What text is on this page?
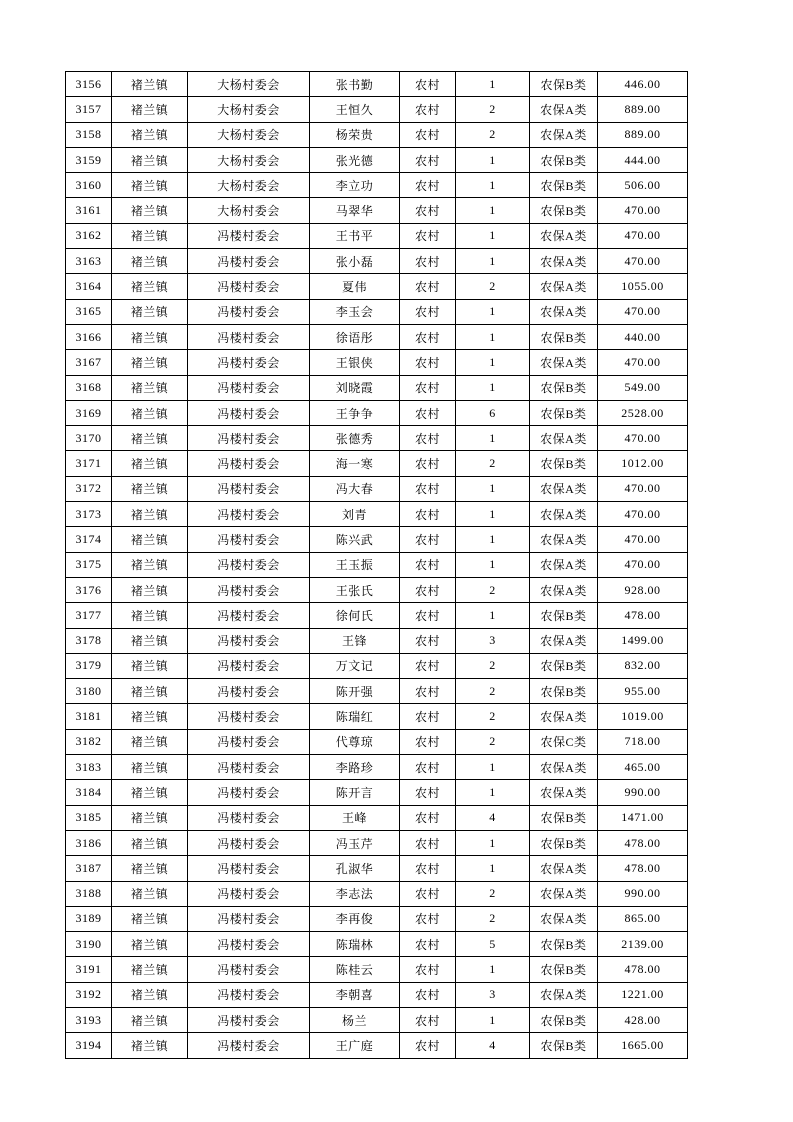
3156	褚兰镇	大杨村委会	张书勤	农村	1	农保B类	446.00
3157	褚兰镇	大杨村委会	王恒久	农村	2	农保A类	889.00
3158	褚兰镇	大杨村委会	杨荣贵	农村	2	农保A类	889.00
3159	褚兰镇	大杨村委会	张光德	农村	1	农保B类	444.00
3160	褚兰镇	大杨村委会	李立功	农村	1	农保B类	506.00
3161	褚兰镇	大杨村委会	马翠华	农村	1	农保B类	470.00
3162	褚兰镇	冯楼村委会	王书平	农村	1	农保A类	470.00
3163	褚兰镇	冯楼村委会	张小磊	农村	1	农保A类	470.00
3164	褚兰镇	冯楼村委会	夏伟	农村	2	农保A类	1055.00
3165	褚兰镇	冯楼村委会	李玉会	农村	1	农保A类	470.00
3166	褚兰镇	冯楼村委会	徐语彤	农村	1	农保B类	440.00
3167	褚兰镇	冯楼村委会	王银侠	农村	1	农保A类	470.00
3168	褚兰镇	冯楼村委会	刘晓霞	农村	1	农保B类	549.00
3169	褚兰镇	冯楼村委会	王争争	农村	6	农保B类	2528.00
3170	褚兰镇	冯楼村委会	张德秀	农村	1	农保A类	470.00
3171	褚兰镇	冯楼村委会	海一寒	农村	2	农保B类	1012.00
3172	褚兰镇	冯楼村委会	冯大春	农村	1	农保A类	470.00
3173	褚兰镇	冯楼村委会	刘青	农村	1	农保A类	470.00
3174	褚兰镇	冯楼村委会	陈兴武	农村	1	农保A类	470.00
3175	褚兰镇	冯楼村委会	王玉振	农村	1	农保A类	470.00
3176	褚兰镇	冯楼村委会	王张氏	农村	2	农保A类	928.00
3177	褚兰镇	冯楼村委会	徐何氏	农村	1	农保B类	478.00
3178	褚兰镇	冯楼村委会	王锋	农村	3	农保A类	1499.00
3179	褚兰镇	冯楼村委会	万文记	农村	2	农保B类	832.00
3180	褚兰镇	冯楼村委会	陈开强	农村	2	农保B类	955.00
3181	褚兰镇	冯楼村委会	陈瑞红	农村	2	农保A类	1019.00
3182	褚兰镇	冯楼村委会	代尊琼	农村	2	农保C类	718.00
3183	褚兰镇	冯楼村委会	李路珍	农村	1	农保A类	465.00
3184	褚兰镇	冯楼村委会	陈开言	农村	1	农保A类	990.00
3185	褚兰镇	冯楼村委会	王峰	农村	4	农保B类	1471.00
3186	褚兰镇	冯楼村委会	冯玉芹	农村	1	农保B类	478.00
3187	褚兰镇	冯楼村委会	孔淑华	农村	1	农保A类	478.00
3188	褚兰镇	冯楼村委会	李志法	农村	2	农保A类	990.00
3189	褚兰镇	冯楼村委会	李再俊	农村	2	农保A类	865.00
3190	褚兰镇	冯楼村委会	陈瑞林	农村	5	农保B类	2139.00
3191	褚兰镇	冯楼村委会	陈桂云	农村	1	农保B类	478.00
3192	褚兰镇	冯楼村委会	李朝喜	农村	3	农保A类	1221.00
3193	褚兰镇	冯楼村委会	杨兰	农村	1	农保B类	428.00
3194	褚兰镇	冯楼村委会	王广庭	农村	4	农保B类	1665.00
